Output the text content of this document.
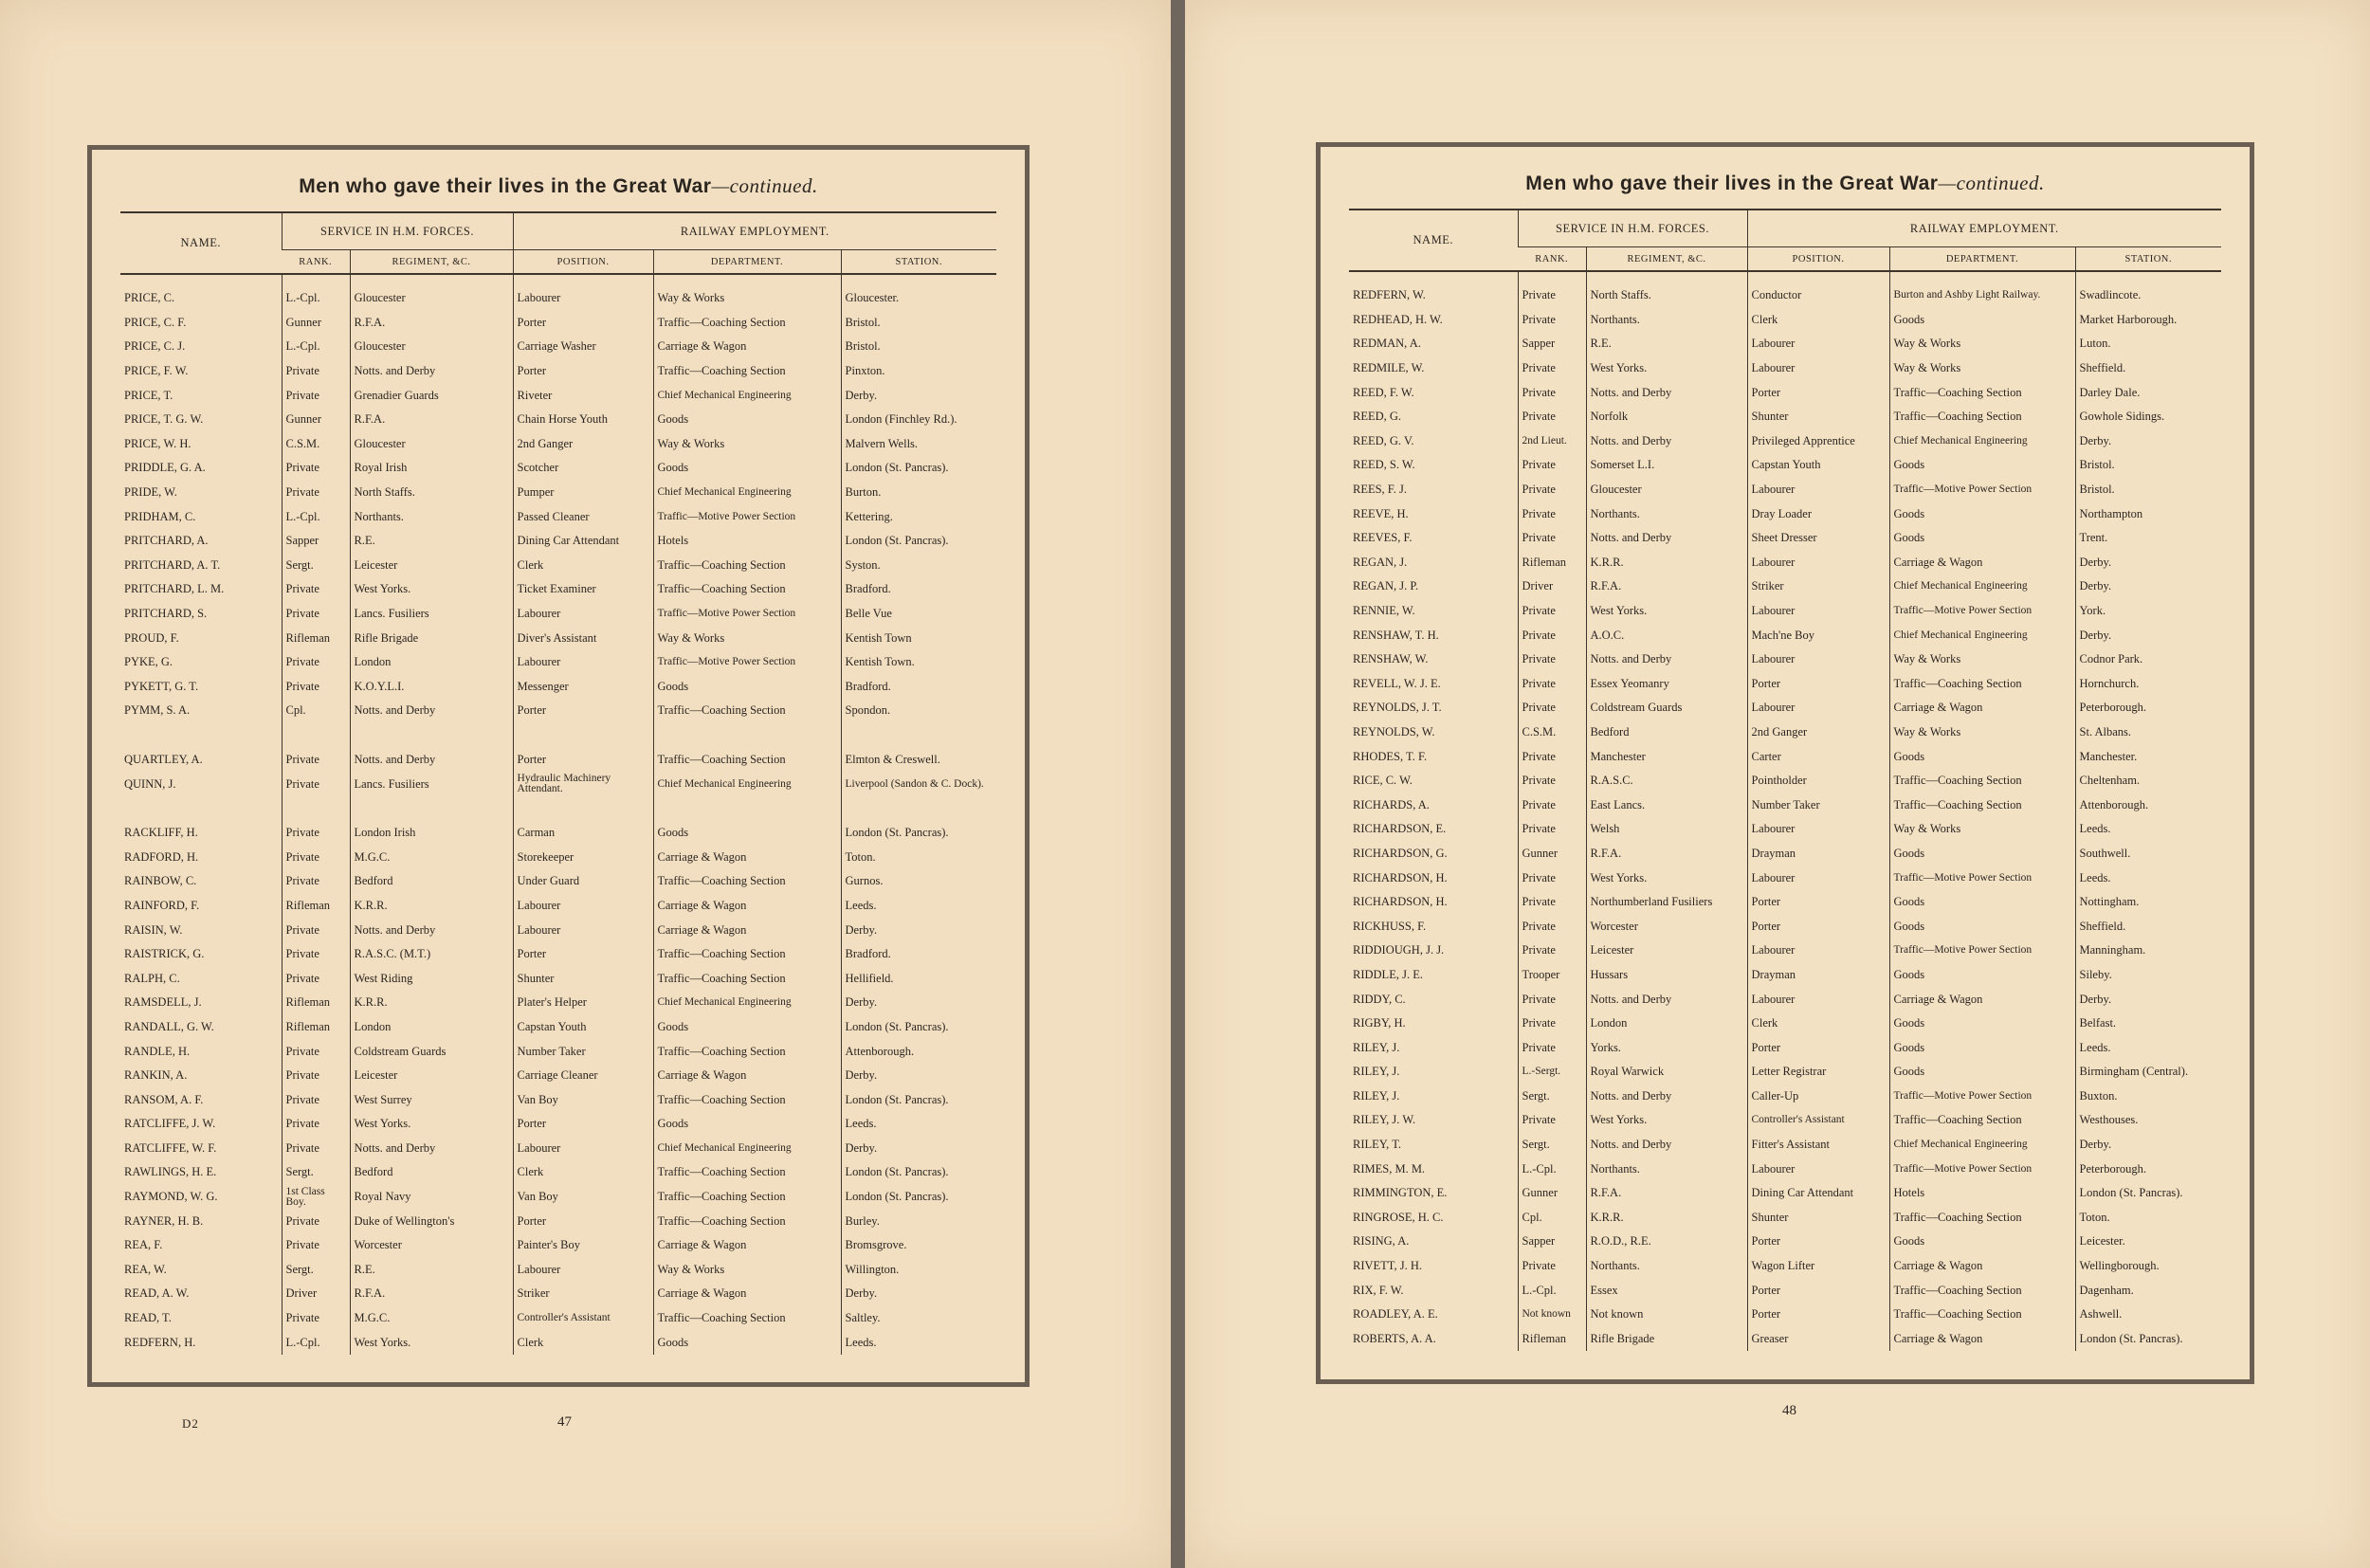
Men who gave their lives in the Great War—continued.
NAME.	SERVICE IN H.M. FORCES.		RAILWAY EMPLOYMENT.		
	RANK.	REGIMENT, &C.	POSITION.	DEPARTMENT.	STATION.
PRICE, C.	L.-Cpl.	Gloucester	Labourer	Way & Works	Gloucester.
PRICE, C. F.	Gunner	R.F.A.	Porter	Traffic—Coaching Section	Bristol.
PRICE, C. J.	L.-Cpl.	Gloucester	Carriage Washer	Carriage & Wagon	Bristol.
PRICE, F. W.	Private	Notts. and Derby	Porter	Traffic—Coaching Section	Pinxton.
PRICE, T.	Private	Grenadier Guards	Riveter	Chief Mechanical Engineering	Derby.
PRICE, T. G. W.	Gunner	R.F.A.	Chain Horse Youth	Goods	London (Finchley Rd.).
PRICE, W. H.	C.S.M.	Gloucester	2nd Ganger	Way & Works	Malvern Wells.
PRIDDLE, G. A.	Private	Royal Irish	Scotcher	Goods	London (St. Pancras).
PRIDE, W.	Private	North Staffs.	Pumper	Chief Mechanical Engineering	Burton.
PRIDHAM, C.	L.-Cpl.	Northants.	Passed Cleaner	Traffic—Motive Power Section	Kettering.
PRITCHARD, A.	Sapper	R.E.	Dining Car Attendant	Hotels	London (St. Pancras).
PRITCHARD, A. T.	Sergt.	Leicester	Clerk	Traffic—Coaching Section	Syston.
PRITCHARD, L. M.	Private	West Yorks.	Ticket Examiner	Traffic—Coaching Section	Bradford.
PRITCHARD, S.	Private	Lancs. Fusiliers	Labourer	Traffic—Motive Power Section	Belle Vue
PROUD, F.	Rifleman	Rifle Brigade	Diver's Assistant	Way & Works	Kentish Town
PYKE, G.	Private	London	Labourer	Traffic—Motive Power Section	Kentish Town.
PYKETT, G. T.	Private	K.O.Y.L.I.	Messenger	Goods	Bradford.
PYMM, S. A.	Cpl.	Notts. and Derby	Porter	Traffic—Coaching Section	Spondon.

QUARTLEY, A.	Private	Notts. and Derby	Porter	Traffic—Coaching Section	Elmton & Creswell.
QUINN, J.	Private	Lancs. Fusiliers	Hydraulic Machinery Attendant.	Chief Mechanical Engineering	Liverpool (Sandon & C. Dock).

RACKLIFF, H.	Private	London Irish	Carman	Goods	London (St. Pancras).
RADFORD, H.	Private	M.G.C.	Storekeeper	Carriage & Wagon	Toton.
RAINBOW, C.	Private	Bedford	Under Guard	Traffic—Coaching Section	Gurnos.
RAINFORD, F.	Rifleman	K.R.R.	Labourer	Carriage & Wagon	Leeds.
RAISIN, W.	Private	Notts. and Derby	Labourer	Carriage & Wagon	Derby.
RAISTRICK, G.	Private	R.A.S.C. (M.T.)	Porter	Traffic—Coaching Section	Bradford.
RALPH, C.	Private	West Riding	Shunter	Traffic—Coaching Section	Hellifield.
RAMSDELL, J.	Rifleman	K.R.R.	Plater's Helper	Chief Mechanical Engineering	Derby.
RANDALL, G. W.	Rifleman	London	Capstan Youth	Goods	London (St. Pancras).
RANDLE, H.	Private	Coldstream Guards	Number Taker	Traffic—Coaching Section	Attenborough.
RANKIN, A.	Private	Leicester	Carriage Cleaner	Carriage & Wagon	Derby.
RANSOM, A. F.	Private	West Surrey	Van Boy	Traffic—Coaching Section	London (St. Pancras).
RATCLIFFE, J. W.	Private	West Yorks.	Porter	Goods	Leeds.
RATCLIFFE, W. F.	Private	Notts. and Derby	Labourer	Chief Mechanical Engineering	Derby.
RAWLINGS, H. E.	Sergt.	Bedford	Clerk	Traffic—Coaching Section	London (St. Pancras).
RAYMOND, W. G.	1st Class Boy.	Royal Navy	Van Boy	Traffic—Coaching Section	London (St. Pancras).
RAYNER, H. B.	Private	Duke of Wellington's	Porter	Traffic—Coaching Section	Burley.
REA, F.	Private	Worcester	Painter's Boy	Carriage & Wagon	Bromsgrove.
REA, W.	Sergt.	R.E.	Labourer	Way & Works	Willington.
READ, A. W.	Driver	R.F.A.	Striker	Carriage & Wagon	Derby.
READ, T.	Private	M.G.C.	Controller's Assistant	Traffic—Coaching Section	Saltley.
REDFERN, H.	L.-Cpl.	West Yorks.	Clerk	Goods	Leeds.
D2	47
Men who gave their lives in the Great War—continued.
NAME.	SERVICE IN H.M. FORCES.		RAILWAY EMPLOYMENT.		
	RANK.	REGIMENT, &C.	POSITION.	DEPARTMENT.	STATION.
REDFERN, W.	Private	North Staffs.	Conductor	Burton and Ashby Light Railway.	Swadlincote.
REDHEAD, H. W.	Private	Northants.	Clerk	Goods	Market Harborough.
REDMAN, A.	Sapper	R.E.	Labourer	Way & Works	Luton.
REDMILE, W.	Private	West Yorks.	Labourer	Way & Works	Sheffield.
REED, F. W.	Private	Notts. and Derby	Porter	Traffic—Coaching Section	Darley Dale.
REED, G.	Private	Norfolk	Shunter	Traffic—Coaching Section	Gowhole Sidings.
REED, G. V.	2nd Lieut.	Notts. and Derby	Privileged Apprentice	Chief Mechanical Engineering	Derby.
REED, S. W.	Private	Somerset L.I.	Capstan Youth	Goods	Bristol.
REES, F. J.	Private	Gloucester	Labourer	Traffic—Motive Power Section	Bristol.
REEVE, H.	Private	Northants.	Dray Loader	Goods	Northampton
REEVES, F.	Private	Notts. and Derby	Sheet Dresser	Goods	Trent.
REGAN, J.	Rifleman	K.R.R.	Labourer	Carriage & Wagon	Derby.
REGAN, J. P.	Driver	R.F.A.	Striker	Chief Mechanical Engineering	Derby.
RENNIE, W.	Private	West Yorks.	Labourer	Traffic—Motive Power Section	York.
RENSHAW, T. H.	Private	A.O.C.	Mach'ne Boy	Chief Mechanical Engineering	Derby.
RENSHAW, W.	Private	Notts. and Derby	Labourer	Way & Works	Codnor Park.
REVELL, W. J. E.	Private	Essex Yeomanry	Porter	Traffic—Coaching Section	Hornchurch.
REYNOLDS, J. T.	Private	Coldstream Guards	Labourer	Carriage & Wagon	Peterborough.
REYNOLDS, W.	C.S.M.	Bedford	2nd Ganger	Way & Works	St. Albans.
RHODES, T. F.	Private	Manchester	Carter	Goods	Manchester.
RICE, C. W.	Private	R.A.S.C.	Pointholder	Traffic—Coaching Section	Cheltenham.
RICHARDS, A.	Private	East Lancs.	Number Taker	Traffic—Coaching Section	Attenborough.
RICHARDSON, E.	Private	Welsh	Labourer	Way & Works	Leeds.
RICHARDSON, G.	Gunner	R.F.A.	Drayman	Goods	Southwell.
RICHARDSON, H.	Private	West Yorks.	Labourer	Traffic—Motive Power Section	Leeds.
RICHARDSON, H.	Private	Northumberland Fusiliers	Porter	Goods	Nottingham.
RICKHUSS, F.	Private	Worcester	Porter	Goods	Sheffield.
RIDDIOUGH, J. J.	Private	Leicester	Labourer	Traffic—Motive Power Section	Manningham.
RIDDLE, J. E.	Trooper	Hussars	Drayman	Goods	Sileby.
RIDDY, C.	Private	Notts. and Derby	Labourer	Carriage & Wagon	Derby.
RIGBY, H.	Private	London	Clerk	Goods	Belfast.
RILEY, J.	Private	Yorks.	Porter	Goods	Leeds.
RILEY, J.	L.-Sergt.	Royal Warwick	Letter Registrar	Goods	Birmingham (Central).
RILEY, J.	Sergt.	Notts. and Derby	Caller-Up	Traffic—Motive Power Section	Buxton.
RILEY, J. W.	Private	West Yorks.	Controller's Assistant	Traffic—Coaching Section	Westhouses.
RILEY, T.	Sergt.	Notts. and Derby	Fitter's Assistant	Chief Mechanical Engineering	Derby.
RIMES, M. M.	L.-Cpl.	Northants.	Labourer	Traffic—Motive Power Section	Peterborough.
RIMMINGTON, E.	Gunner	R.F.A.	Dining Car Attendant	Hotels	London (St. Pancras).
RINGROSE, H. C.	Cpl.	K.R.R.	Shunter	Traffic—Coaching Section	Toton.
RISING, A.	Sapper	R.O.D., R.E.	Porter	Goods	Leicester.
RIVETT, J. H.	Private	Northants.	Wagon Lifter	Carriage & Wagon	Wellingborough.
RIX, F. W.	L.-Cpl.	Essex	Porter	Traffic—Coaching Section	Dagenham.
ROADLEY, A. E.	Not known	Not known	Porter	Traffic—Coaching Section	Ashwell.
ROBERTS, A. A.	Rifleman	Rifle Brigade	Greaser	Carriage & Wagon	London (St. Pancras).
48
